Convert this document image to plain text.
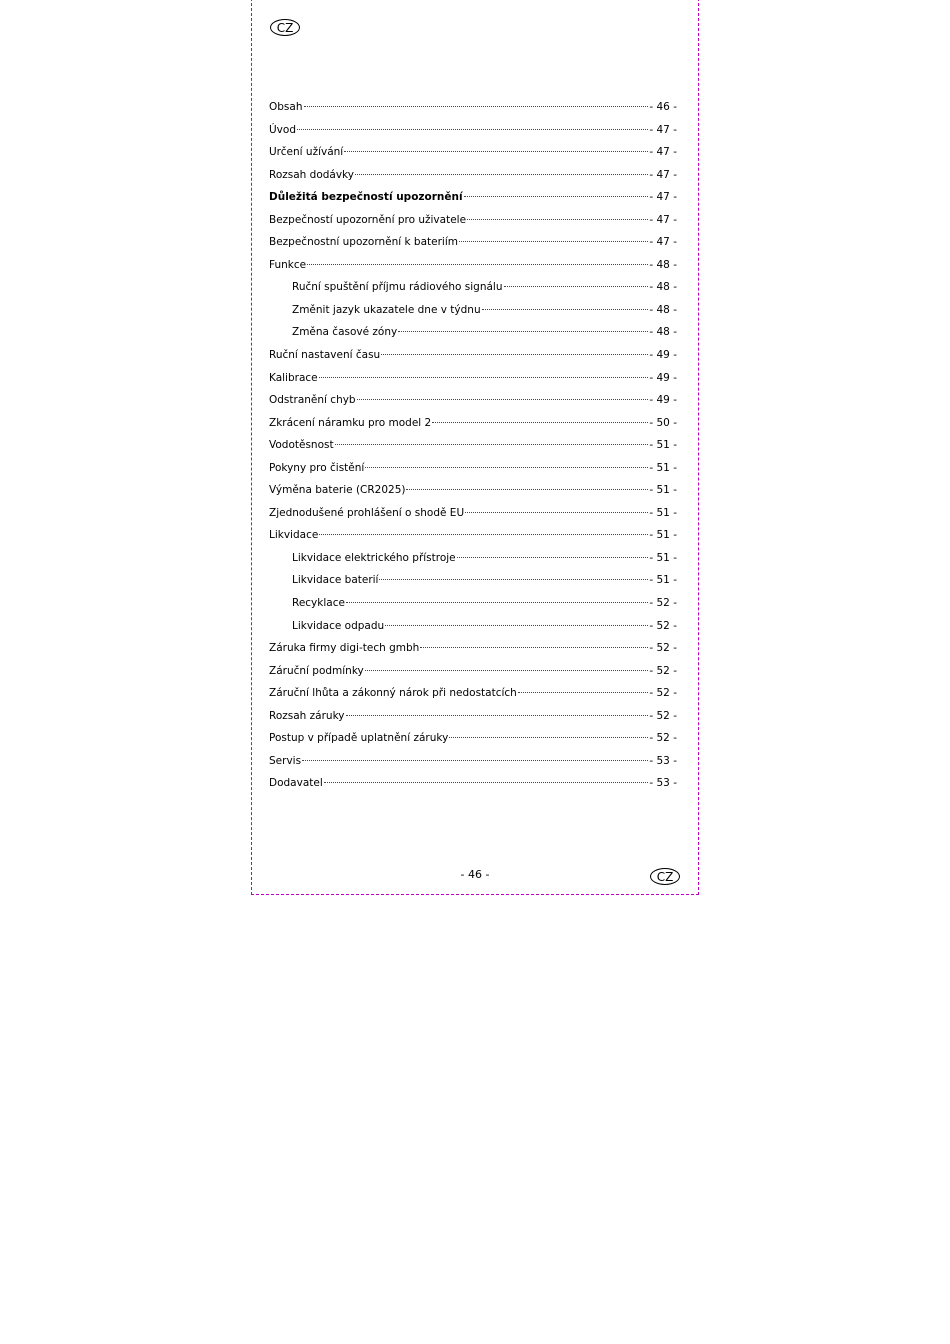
CZ
Obsah	- 46 -
Úvod	- 47 -
Určení užívání	- 47 -
Rozsah dodávky	- 47 -
Důležitá bezpečností upozornění	- 47 -
Bezpečností upozornění pro uživatele	- 47 -
Bezpečnostní upozornění k bateriím	- 47 -
Funkce	- 48 -
Ruční spuštění příjmu rádiového signálu	- 48 -
Změnit jazyk ukazatele dne v týdnu	- 48 -
Změna časové zóny	- 48 -
Ruční nastavení času	- 49 -
Kalibrace	- 49 -
Odstranění chyb	- 49 -
Zkrácení náramku pro model 2	- 50 -
Vodotěsnost	- 51 -
Pokyny pro čistění	- 51 -
Výměna baterie (CR2025)	- 51 -
Zjednodušené prohlášení o shodě EU	- 51 -
Likvidace	- 51 -
Likvidace elektrického přístroje	- 51 -
Likvidace baterií	- 51 -
Recyklace	- 52 -
Likvidace odpadu	- 52 -
Záruka firmy digi-tech gmbh	- 52 -
Záruční podmínky	- 52 -
Záruční lhůta a zákonný nárok při nedostatcích	- 52 -
Rozsah záruky	- 52 -
Postup v případě uplatnění záruky	- 52 -
Servis	- 53 -
Dodavatel	- 53 -
- 46 -	CZ
